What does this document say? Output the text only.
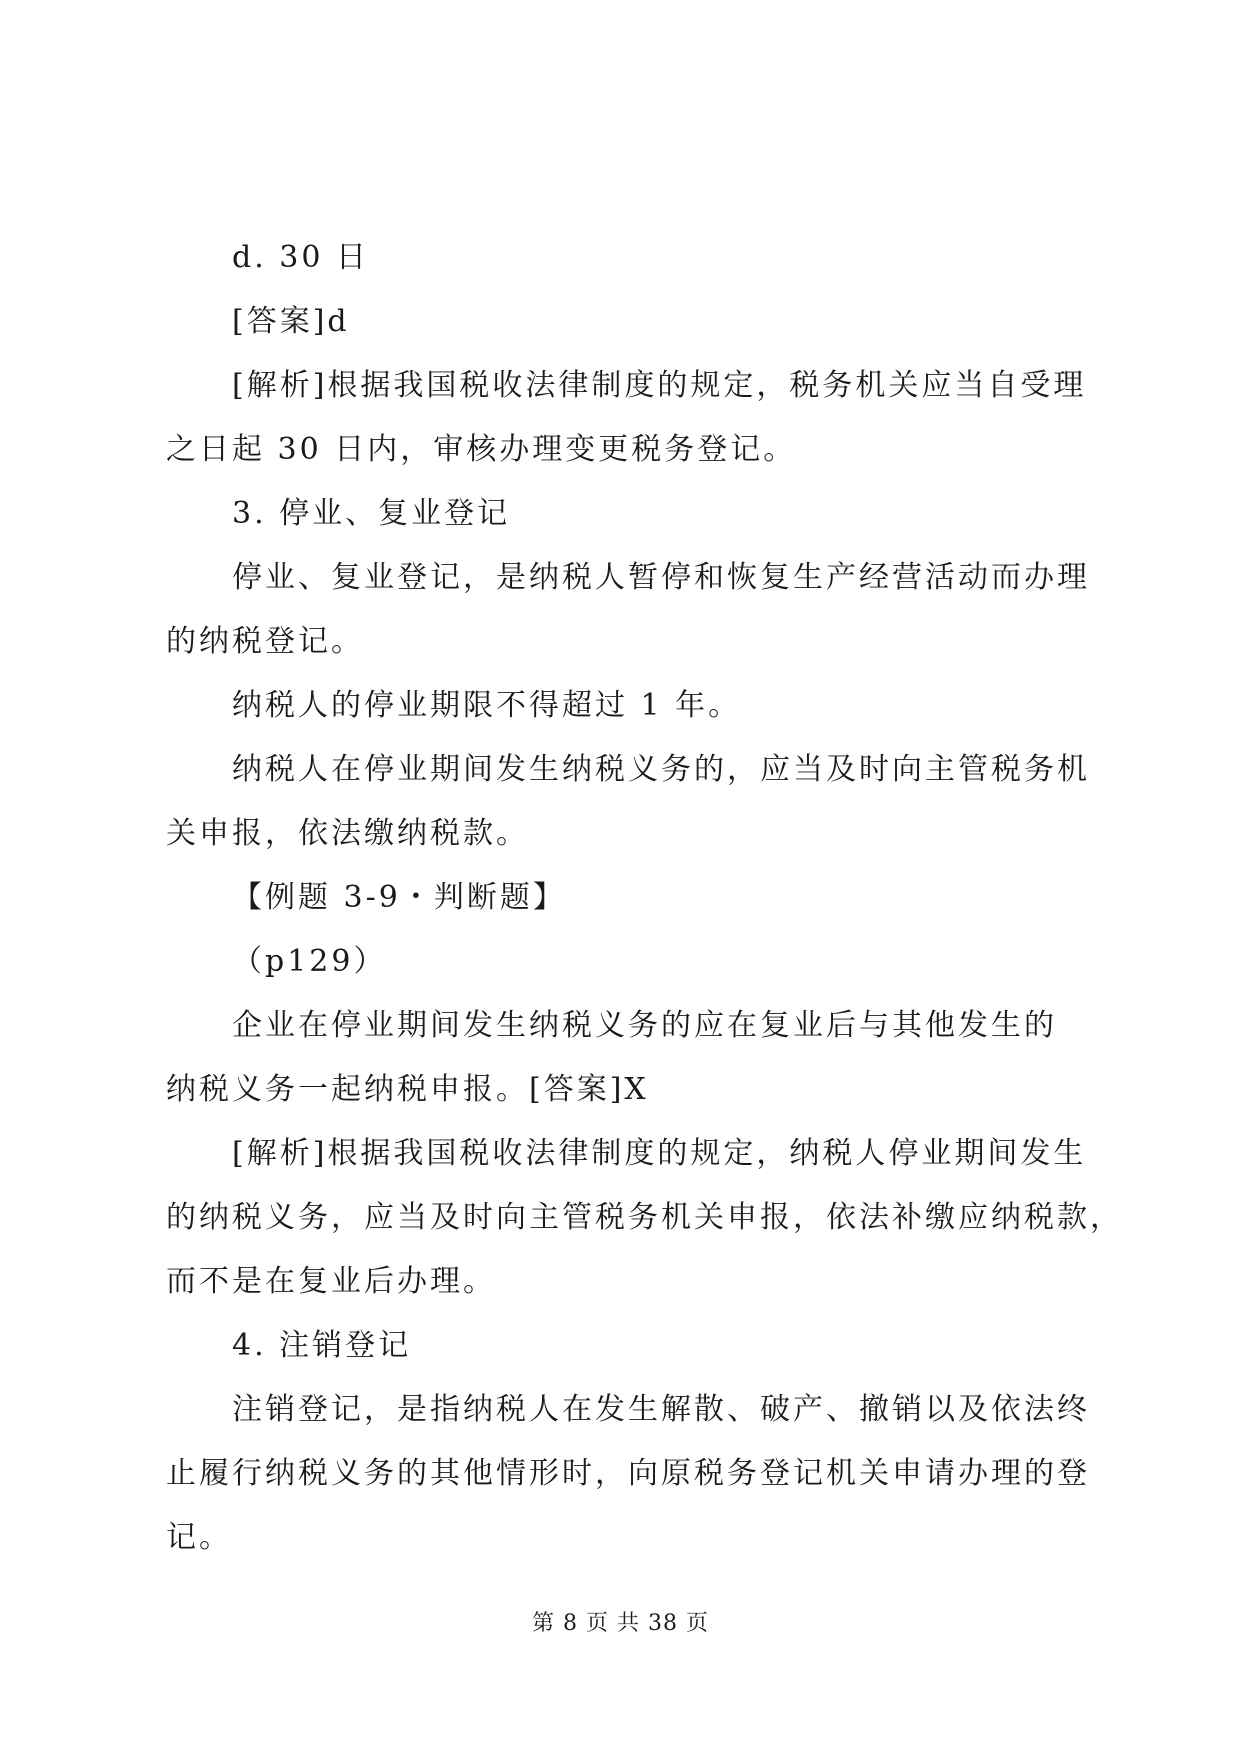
d. 30 日
[答案]d
[解析]根据我国税收法律制度的规定，税务机关应当自受理
之日起 30 日内，审核办理变更税务登记。
3. 停业、复业登记
停业、复业登记，是纳税人暂停和恢复生产经营活动而办理
的纳税登记。
纳税人的停业期限不得超过 1 年。
纳税人在停业期间发生纳税义务的，应当及时向主管税务机
关申报，依法缴纳税款。
【例题 3-9・判断题】
（p129）
企业在停业期间发生纳税义务的应在复业后与其他发生的
纳税义务一起纳税申报。[答案]X
[解析]根据我国税收法律制度的规定，纳税人停业期间发生
的纳税义务，应当及时向主管税务机关申报，依法补缴应纳税款，
而不是在复业后办理。
4. 注销登记
注销登记，是指纳税人在发生解散、破产、撤销以及依法终
止履行纳税义务的其他情形时，向原税务登记机关申请办理的登
记。
第 8 页 共 38 页
